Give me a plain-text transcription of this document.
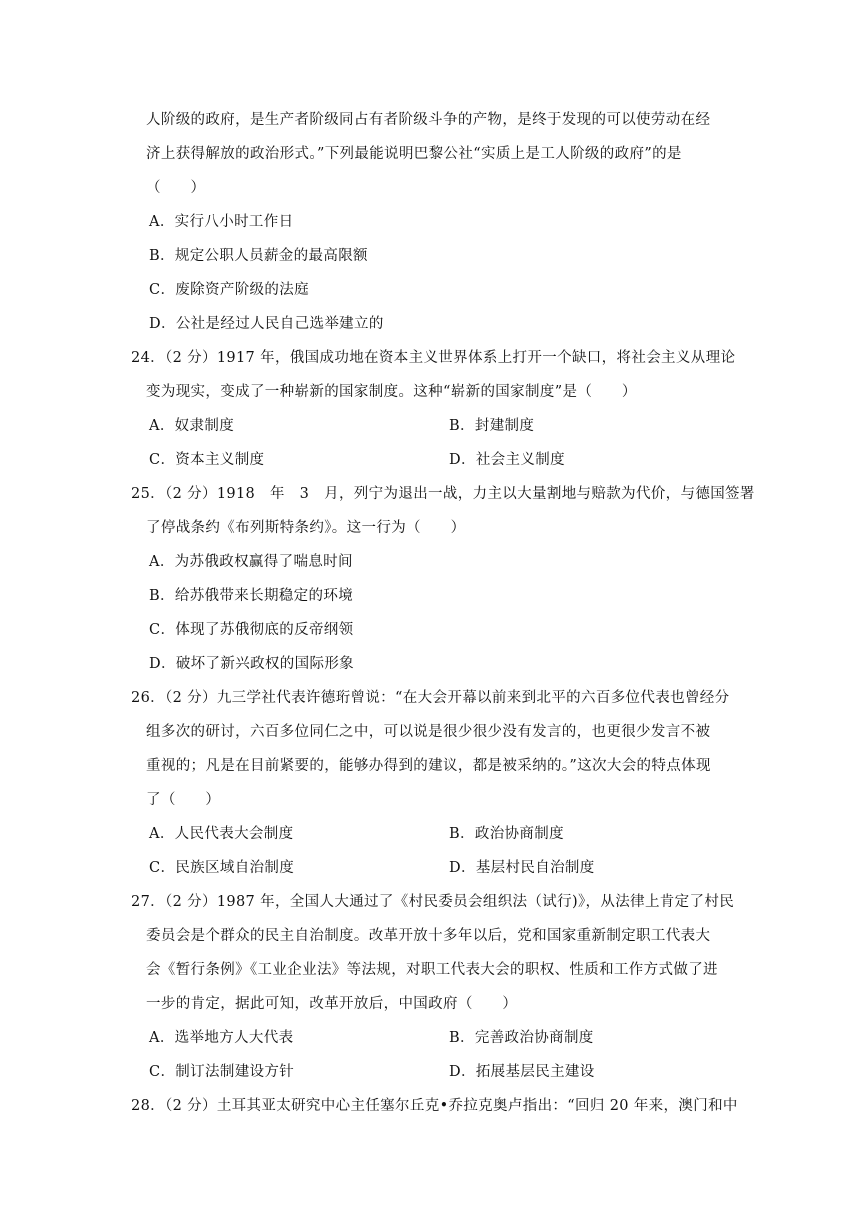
人阶级的政府，是生产者阶级同占有者阶级斗争的产物，是终于发现的可以使劳动在经
济上获得解放的政治形式。”下列最能说明巴黎公社“实质上是工人阶级的政府”的是
（　　）
A．实行八小时工作日
B．规定公职人员薪金的最高限额
C．废除资产阶级的法庭
D．公社是经过人民自己选举建立的
24．（2 分）1917 年，俄国成功地在资本主义世界体系上打开一个缺口，将社会主义从理论
变为现实，变成了一种崭新的国家制度。这种“崭新的国家制度”是（　　）
A．奴隶制度	B．封建制度
C．资本主义制度	D．社会主义制度
25．（2 分）1918　年　3　月，列宁为退出一战，力主以大量割地与赔款为代价，与德国签署
了停战条约《布列斯特条约》。这一行为（　　）
A．为苏俄政权赢得了喘息时间
B．给苏俄带来长期稳定的环境
C．体现了苏俄彻底的反帝纲领
D．破坏了新兴政权的国际形象
26．（2 分）九三学社代表许德珩曾说：“在大会开幕以前来到北平的六百多位代表也曾经分
组多次的研讨，六百多位同仁之中，可以说是很少很少没有发言的，也更很少发言不被
重视的；凡是在目前紧要的，能够办得到的建议，都是被采纳的。”这次大会的特点体现
了（　　）
A．人民代表大会制度	B．政治协商制度
C．民族区域自治制度	D．基层村民自治制度
27．（2 分）1987 年，全国人大通过了《村民委员会组织法（试行)》，从法律上肯定了村民
委员会是个群众的民主自治制度。改革开放十多年以后，党和国家重新制定职工代表大
会《暂行条例》《工业企业法》等法规，对职工代表大会的职权、性质和工作方式做了进
一步的肯定，据此可知，改革开放后，中国政府（　　）
A．选举地方人大代表	B．完善政治协商制度
C．制订法制建设方针	D．拓展基层民主建设
28．（2 分）土耳其亚太研究中心主任塞尔丘克•乔拉克奥卢指出：“回归 20 年来，澳门和中
